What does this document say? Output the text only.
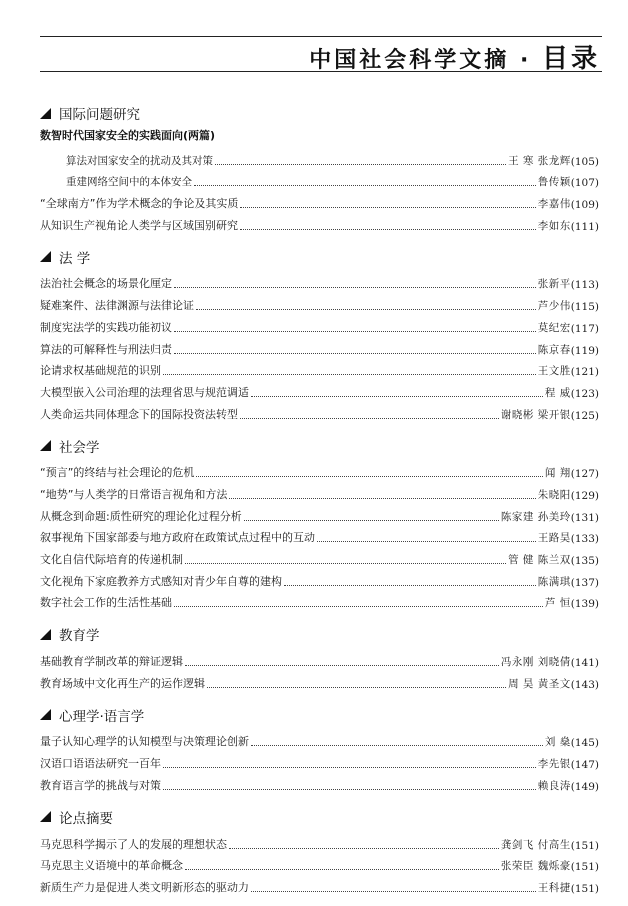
中国社会科学文摘 · 目录
国际问题研究
数智时代国家安全的实践面向(两篇)
算法对国家安全的扰动及其对策	王 寒 张龙辉 (105)
重建网络空间中的本体安全	鲁传颖 (107)
“全球南方”作为学术概念的争论及其实质	李嘉伟 (109)
从知识生产视角论人类学与区域国别研究	李如东 (111)
法 学
法治社会概念的场景化厘定	张新平 (113)
疑难案件、法律渊源与法律论证	芦少伟 (115)
制度宪法学的实践功能初议	莫纪宏 (117)
算法的可解释性与刑法归责	陈京春 (119)
论请求权基础规范的识别	王文胜 (121)
大模型嵌入公司治理的法理省思与规范调适	程 威 (123)
人类命运共同体理念下的国际投资法转型	谢晓彬 梁开银 (125)
社会学
“预言”的终结与社会理论的危机	闻 翔 (127)
“地势”与人类学的日常语言视角和方法	朱晓阳 (129)
从概念到命题:质性研究的理论化过程分析	陈家建 孙美玲 (131)
叙事视角下国家部委与地方政府在政策试点过程中的互动	王路昊 (133)
文化自信代际培育的传递机制	管 健 陈兰双 (135)
文化视角下家庭教养方式感知对青少年自尊的建构	陈满琪 (137)
数字社会工作的生活性基础	芦 恒 (139)
教育学
基础教育学制改革的辩证逻辑	冯永刚 刘晓倩 (141)
教育场域中文化再生产的运作逻辑	周 昊 黄圣文 (143)
心理学·语言学
量子认知心理学的认知模型与决策理论创新	刘 燊 (145)
汉语口语语法研究一百年	李先银 (147)
教育语言学的挑战与对策	赖良涛 (149)
论点摘要
马克思科学揭示了人的发展的理想状态	龚剑飞 付高生 (151)
马克思主义语境中的革命概念	张荣臣 魏烁豪 (151)
新质生产力是促进人类文明新形态的驱动力	王科捷 (151)
